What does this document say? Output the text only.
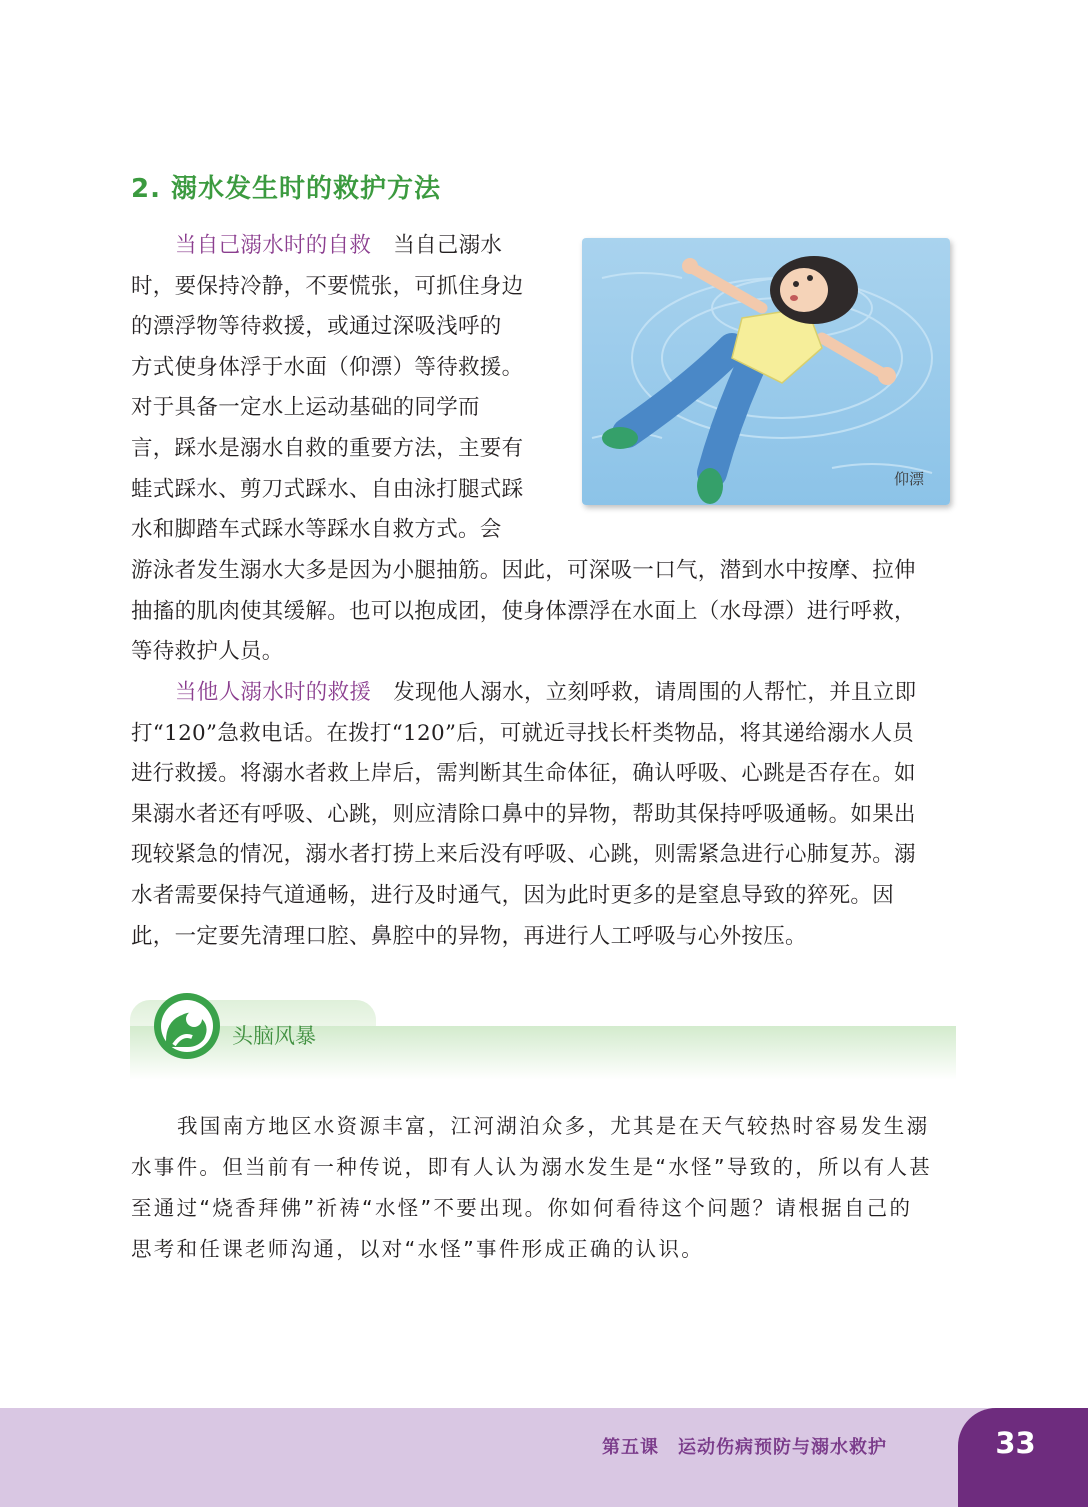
2. 溺水发生时的救护方法
当自己溺水时的自救 当自己溺水
时，要保持冷静，不要慌张，可抓住身边
的漂浮物等待救援，或通过深吸浅呼的
方式使身体浮于水面（仰漂）等待救援。
对于具备一定水上运动基础的同学而
言，踩水是溺水自救的重要方法，主要有
蛙式踩水、剪刀式踩水、自由泳打腿式踩
水和脚踏车式踩水等踩水自救方式。会
游泳者发生溺水大多是因为小腿抽筋。因此，可深吸一口气，潜到水中按摩、拉伸
抽搐的肌肉使其缓解。也可以抱成团，使身体漂浮在水面上（水母漂）进行呼救，
等待救护人员。
仰漂
当他人溺水时的救援 发现他人溺水，立刻呼救，请周围的人帮忙，并且立即
打“120”急救电话。在拨打“120”后，可就近寻找长杆类物品，将其递给溺水人员
进行救援。将溺水者救上岸后，需判断其生命体征，确认呼吸、心跳是否存在。如
果溺水者还有呼吸、心跳，则应清除口鼻中的异物，帮助其保持呼吸通畅。如果出
现较紧急的情况，溺水者打捞上来后没有呼吸、心跳，则需紧急进行心肺复苏。溺
水者需要保持气道通畅，进行及时通气，因为此时更多的是窒息导致的猝死。因
此，一定要先清理口腔、鼻腔中的异物，再进行人工呼吸与心外按压。
头脑风暴
我国南方地区水资源丰富，江河湖泊众多，尤其是在天气较热时容易发生溺
水事件。但当前有一种传说，即有人认为溺水发生是“水怪”导致的，所以有人甚
至通过“烧香拜佛”祈祷“水怪”不要出现。你如何看待这个问题？请根据自己的
思考和任课老师沟通，以对“水怪”事件形成正确的认识。
第五课　运动伤病预防与溺水救护	33
